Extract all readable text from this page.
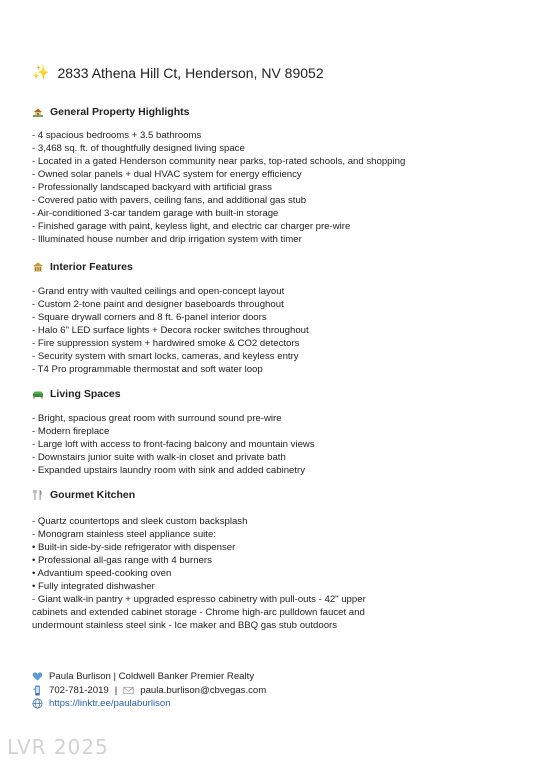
✨ 2833 Athena Hill Ct, Henderson, NV 89052
General Property Highlights
- 4 spacious bedrooms + 3.5 bathrooms
- 3,468 sq. ft. of thoughtfully designed living space
- Located in a gated Henderson community near parks, top-rated schools, and shopping
- Owned solar panels + dual HVAC system for energy efficiency
- Professionally landscaped backyard with artificial grass
- Covered patio with pavers, ceiling fans, and additional gas stub
- Air-conditioned 3-car tandem garage with built-in storage
- Finished garage with paint, keyless light, and electric car charger pre-wire
- Illuminated house number and drip irrigation system with timer
Interior Features
- Grand entry with vaulted ceilings and open-concept layout
- Custom 2-tone paint and designer baseboards throughout
- Square drywall corners and 8 ft. 6-panel interior doors
- Halo 6" LED surface lights + Decora rocker switches throughout
- Fire suppression system + hardwired smoke & CO2 detectors
- Security system with smart locks, cameras, and keyless entry
- T4 Pro programmable thermostat and soft water loop
Living Spaces
- Bright, spacious great room with surround sound pre-wire
- Modern fireplace
- Large loft with access to front-facing balcony and mountain views
- Downstairs junior suite with walk-in closet and private bath
- Expanded upstairs laundry room with sink and added cabinetry
Gourmet Kitchen
- Quartz countertops and sleek custom backsplash
- Monogram stainless steel appliance suite:
• Built-in side-by-side refrigerator with dispenser
• Professional all-gas range with 4 burners
• Advantium speed-cooking oven
• Fully integrated dishwasher

- Giant walk-in pantry + upgraded espresso cabinetry with pull-outs - 42" upper cabinets and extended cabinet storage - Chrome high-arc pulldown faucet and undermount stainless steel sink - Ice maker and BBQ gas stub outdoors

Paula Burlison | Coldwell Banker Premier Realty
702-781-2019 | paula.burlison@cbvegas.com
https://linktr.ee/paulaburlison
LVR 2025
